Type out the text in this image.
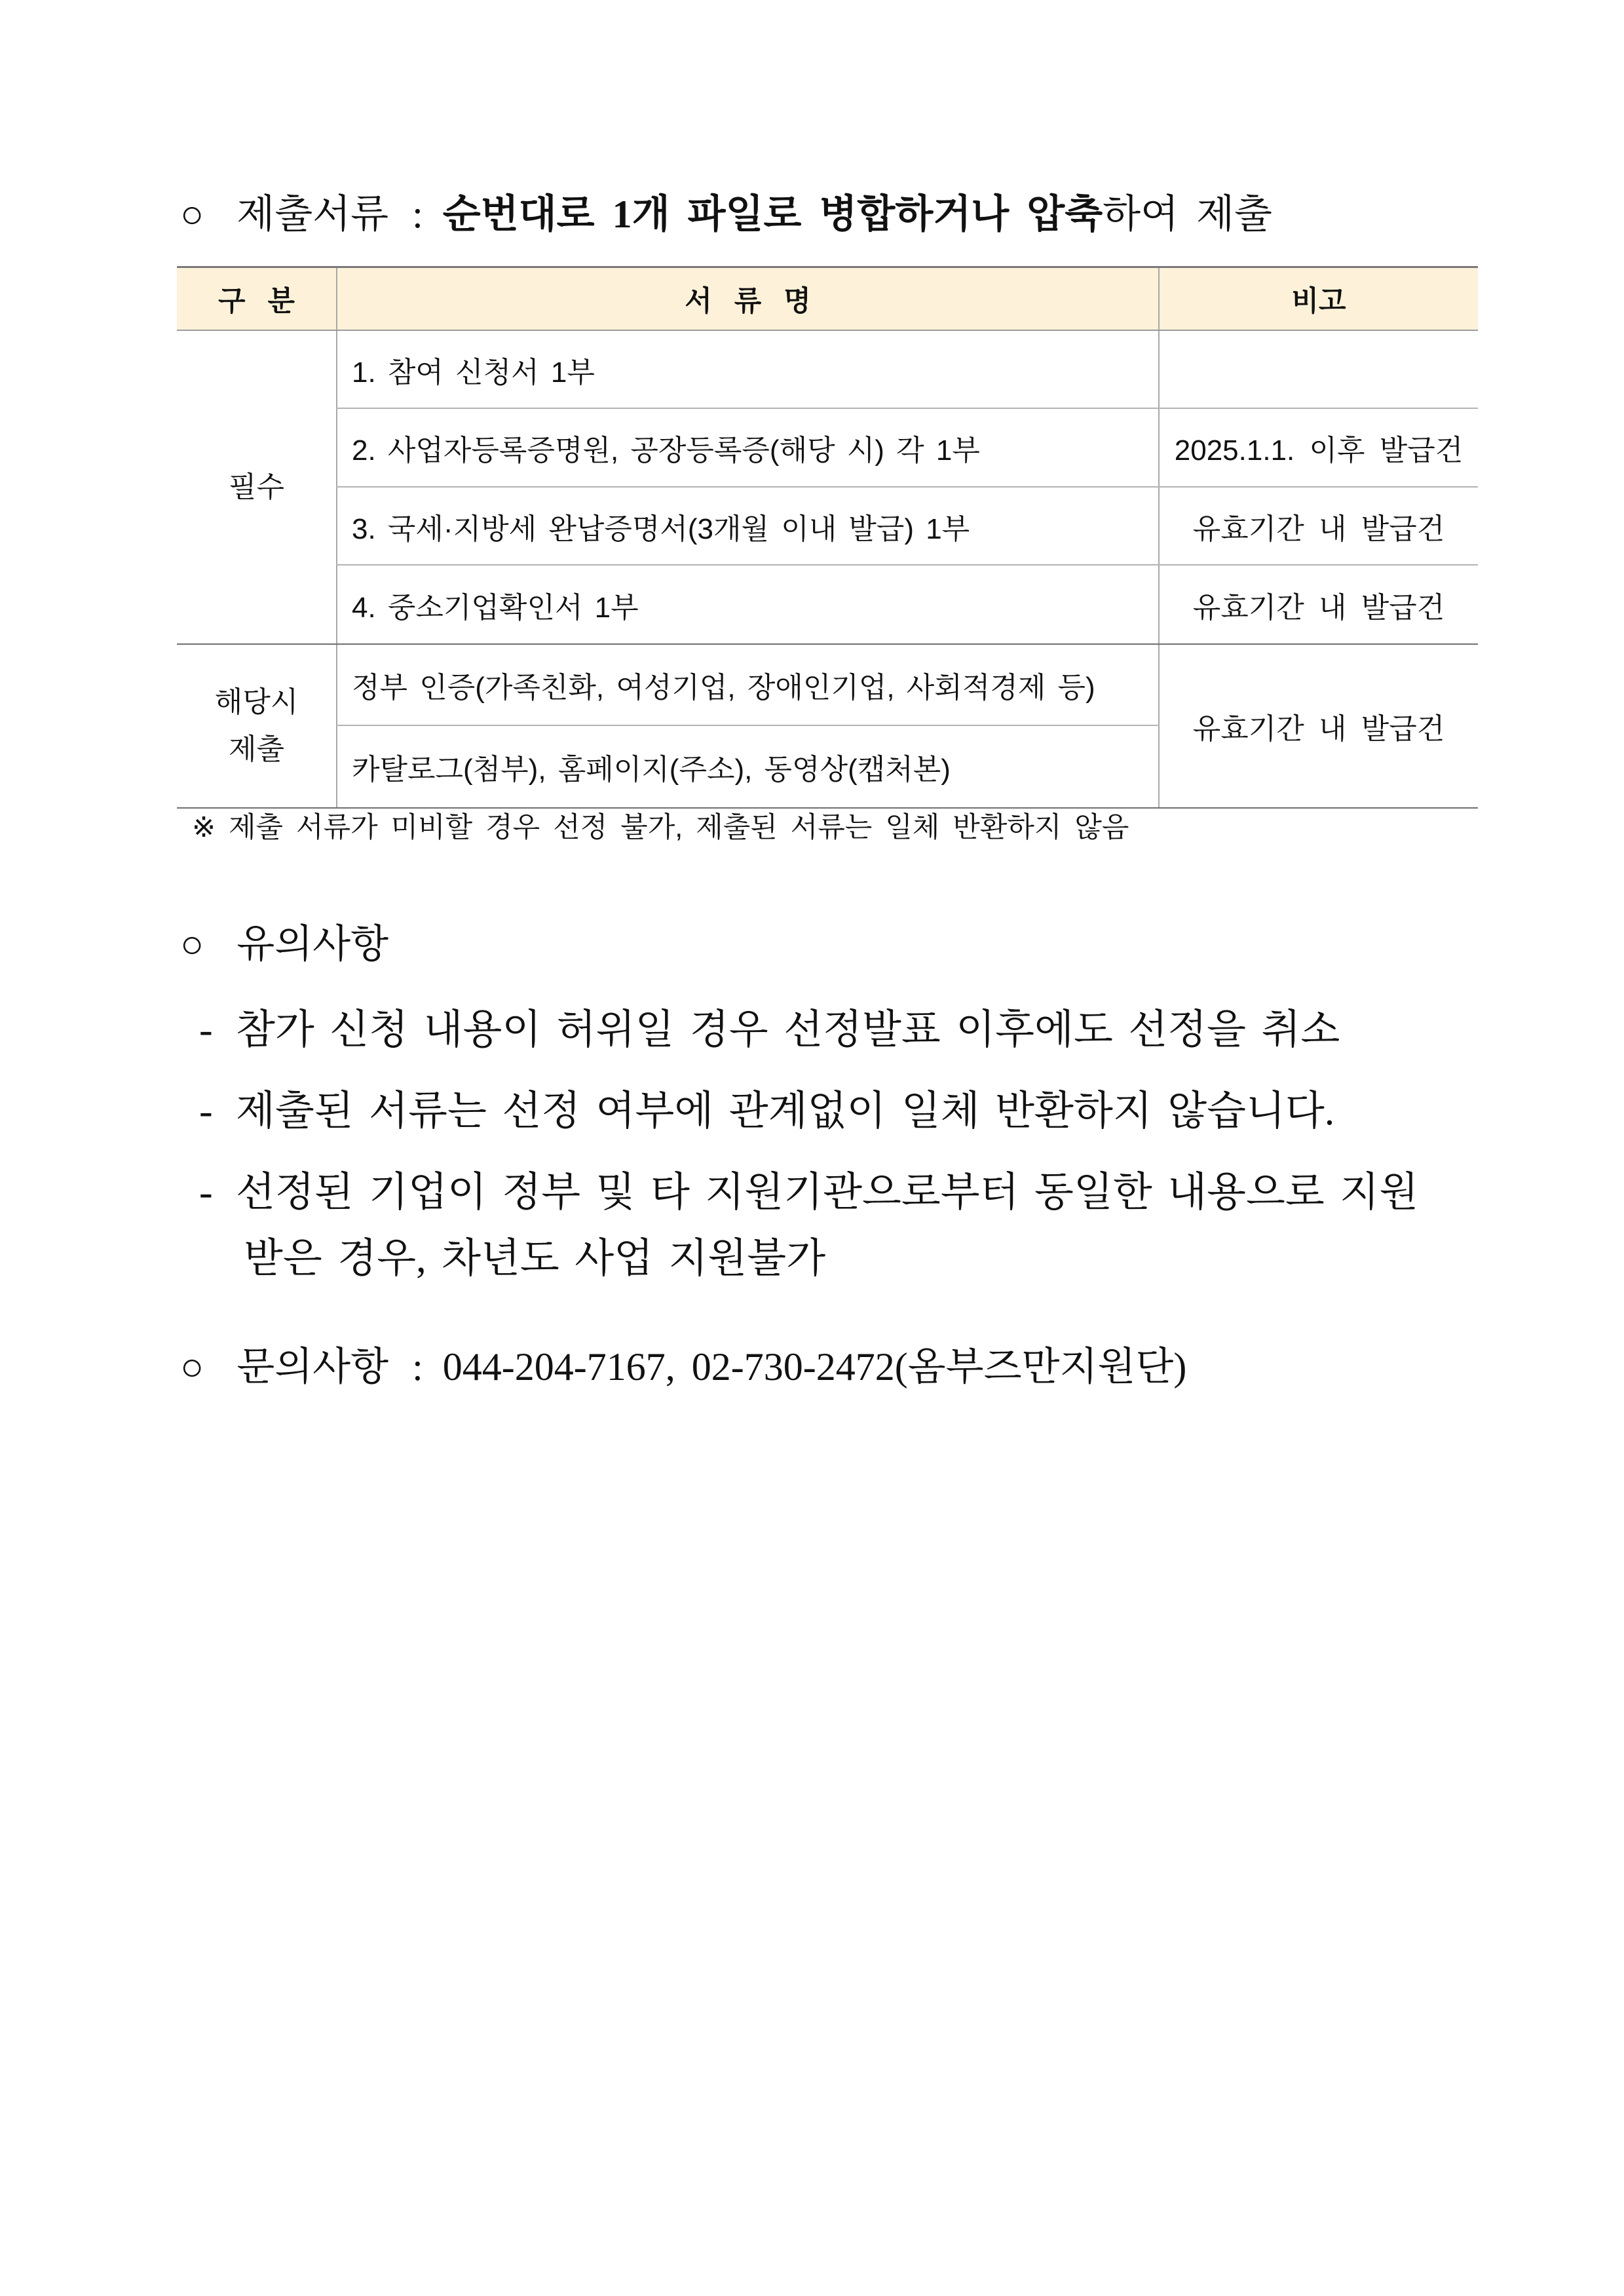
○ 제출서류 : 순번대로 1개 파일로 병합하거나 압축하여 제출
구 분	서 류 명	비고

필수	1. 참여 신청서 1부	
	2. 사업자등록증명원, 공장등록증(해당 시) 각 1부	2025.1.1. 이후 발급건
	3. 국세·지방세 완납증명서(3개월 이내 발급) 1부	유효기간 내 발급건
	4. 중소기업확인서 1부	유효기간 내 발급건

해당시
제출	정부 인증(가족친화, 여성기업, 장애인기업, 사회적경제 등)	유효기간 내 발급건
	카탈로그(첨부), 홈페이지(주소), 동영상(캡처본)	
※ 제출 서류가 미비할 경우 선정 불가, 제출된 서류는 일체 반환하지 않음
○ 유의사항
- 참가 신청 내용이 허위일 경우 선정발표 이후에도 선정을 취소
- 제출된 서류는 선정 여부에 관계없이 일체 반환하지 않습니다.
- 선정된 기업이 정부 및 타 지원기관으로부터 동일한 내용으로 지원
받은 경우, 차년도 사업 지원불가
○ 문의사항 : 044-204-7167, 02-730-2472(옴부즈만지원단)
